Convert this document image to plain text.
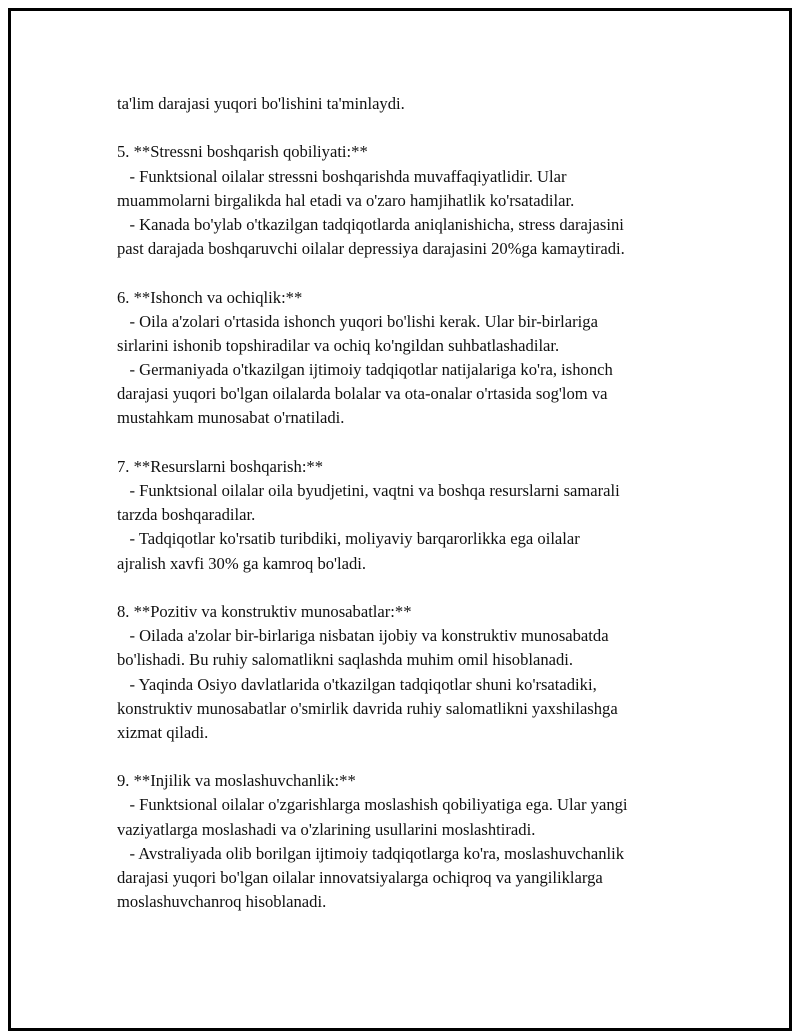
ta'lim darajasi yuqori bo'lishini ta'minlaydi.

5. **Stressni boshqarish qobiliyati:**

- Funktsional oilalar stressni boshqarishda muvaffaqiyatlidir. Ular

muammolarni birgalikda hal etadi va o'zaro hamjihatlik ko'rsatadilar.

- Kanada bo'ylab o'tkazilgan tadqiqotlarda aniqlanishicha, stress darajasini

past darajada boshqaruvchi oilalar depressiya darajasini 20%ga kamaytiradi.

6. **Ishonch va ochiqlik:**

- Oila a'zolari o'rtasida ishonch yuqori bo'lishi kerak. Ular bir-birlariga

sirlarini ishonib topshiradilar va ochiq ko'ngildan suhbatlashadilar.

- Germaniyada o'tkazilgan ijtimoiy tadqiqotlar natijalariga ko'ra, ishonch

darajasi yuqori bo'lgan oilalarda bolalar va ota-onalar o'rtasida sog'lom va

mustahkam munosabat o'rnatiladi.

7. **Resurslarni boshqarish:**

- Funktsional oilalar oila byudjetini, vaqtni va boshqa resurslarni samarali

tarzda boshqaradilar.

- Tadqiqotlar ko'rsatib turibdiki, moliyaviy barqarorlikka ega oilalar

ajralish xavfi 30% ga kamroq bo'ladi.

8. **Pozitiv va konstruktiv munosabatlar:**

- Oilada a'zolar bir-birlariga nisbatan ijobiy va konstruktiv munosabatda

bo'lishadi. Bu ruhiy salomatlikni saqlashda muhim omil hisoblanadi.

- Yaqinda Osiyo davlatlarida o'tkazilgan tadqiqotlar shuni ko'rsatadiki,

konstruktiv munosabatlar o'smirlik davrida ruhiy salomatlikni yaxshilashga

xizmat qiladi.

9. **Injilik va moslashuvchanlik:**

- Funktsional oilalar o'zgarishlarga moslashish qobiliyatiga ega. Ular yangi

vaziyatlarga moslashadi va o'zlarining usullarini moslashtiradi.

- Avstraliyada olib borilgan ijtimoiy tadqiqotlarga ko'ra, moslashuvchanlik

darajasi yuqori bo'lgan oilalar innovatsiyalarga ochiqroq va yangiliklarga

moslashuvchanroq hisoblanadi.
